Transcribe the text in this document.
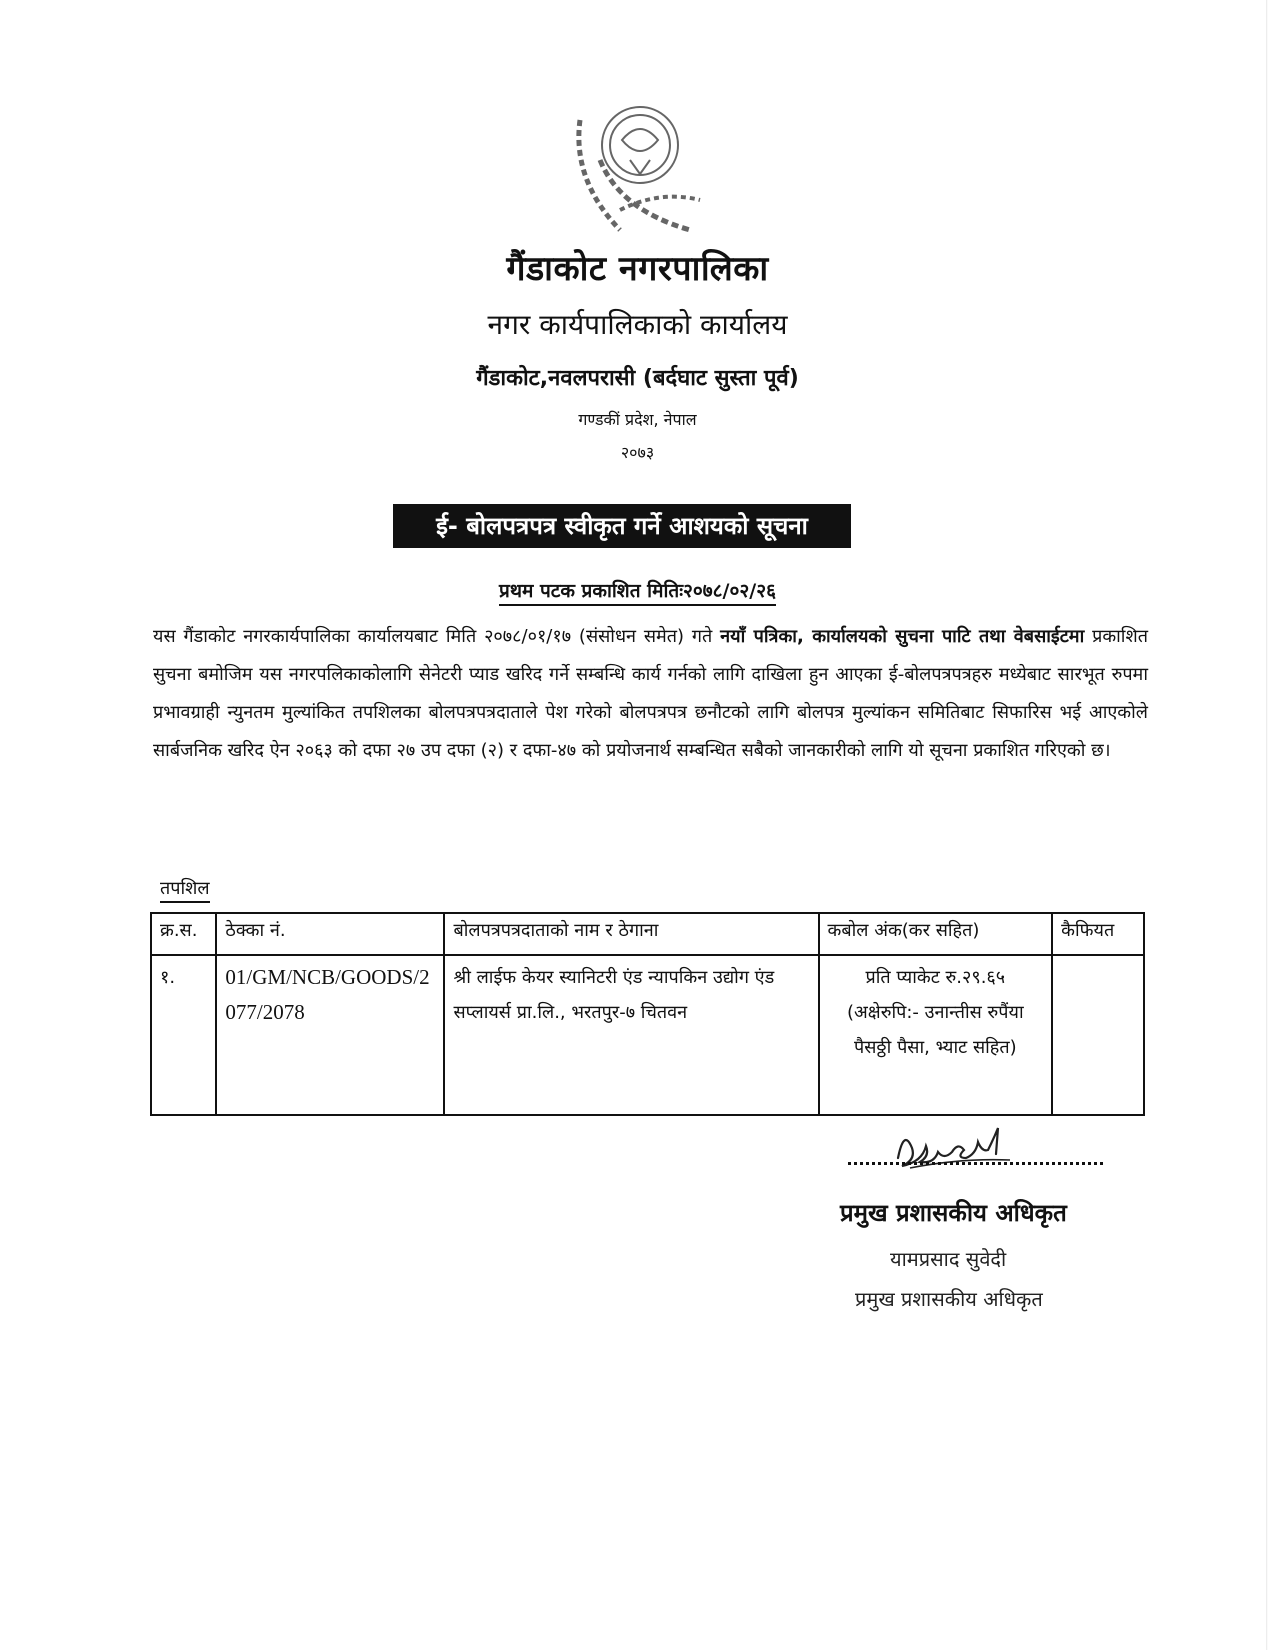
गैंडाकोट नगरपालिका
नगर कार्यपालिकाको कार्यालय
गैंडाकोट,नवलपरासी (बर्दघाट सुस्ता पूर्व)
गण्डकीं प्रदेश, नेपाल
२०७३
ई- बोलपत्रपत्र स्वीकृत गर्ने आशयको सूचना
प्रथम पटक प्रकाशित मितिः२०७८/०२/२६
यस गैंडाकोट नगरकार्यपालिका कार्यालयबाट मिति २०७८/०१/१७ (संसोधन समेत) गते नयाँ पत्रिका, कार्यालयको सुचना पाटि तथा वेबसाईटमा प्रकाशित सुचना बमोजिम यस नगरपलिकाकोलागि सेनेटरी प्याड खरिद गर्ने सम्बन्धि कार्य गर्नको लागि दाखिला हुन आएका ई-बोलपत्रपत्रहरु मध्येबाट सारभूत रुपमा प्रभावग्राही न्युनतम मुल्यांकित तपशिलका बोलपत्रपत्रदाताले पेश गरेको बोलपत्रपत्र छनौटको लागि बोलपत्र मुल्यांकन समितिबाट सिफारिस भई आएकोले सार्बजनिक खरिद ऐन २०६३ को दफा २७ उप दफा (२) र दफा-४७ को प्रयोजनार्थ सम्बन्धित सबैको जानकारीको लागि यो सूचना प्रकाशित गरिएको छ।
तपशिल
क्र.स.	ठेक्का नं.	बोलपत्रपत्रदाताको नाम र ठेगाना	कबोल अंक(कर सहित)	कैफियत
१.	01/GM/NCB/GOODS/2077/2078	श्री लाईफ केयर स्यानिटरी एंड न्यापकिन उद्योग एंड सप्लायर्स प्रा.लि., भरतपुर-७ चितवन	प्रति प्याकेट रु.२९.६५ (अक्षेरुपि:- उनान्तीस रुपैंया पैसठ्ठी पैसा, भ्याट सहित)	
प्रमुख प्रशासकीय अधिकृत
यामप्रसाद सुवेदी
प्रमुख प्रशासकीय अधिकृत
